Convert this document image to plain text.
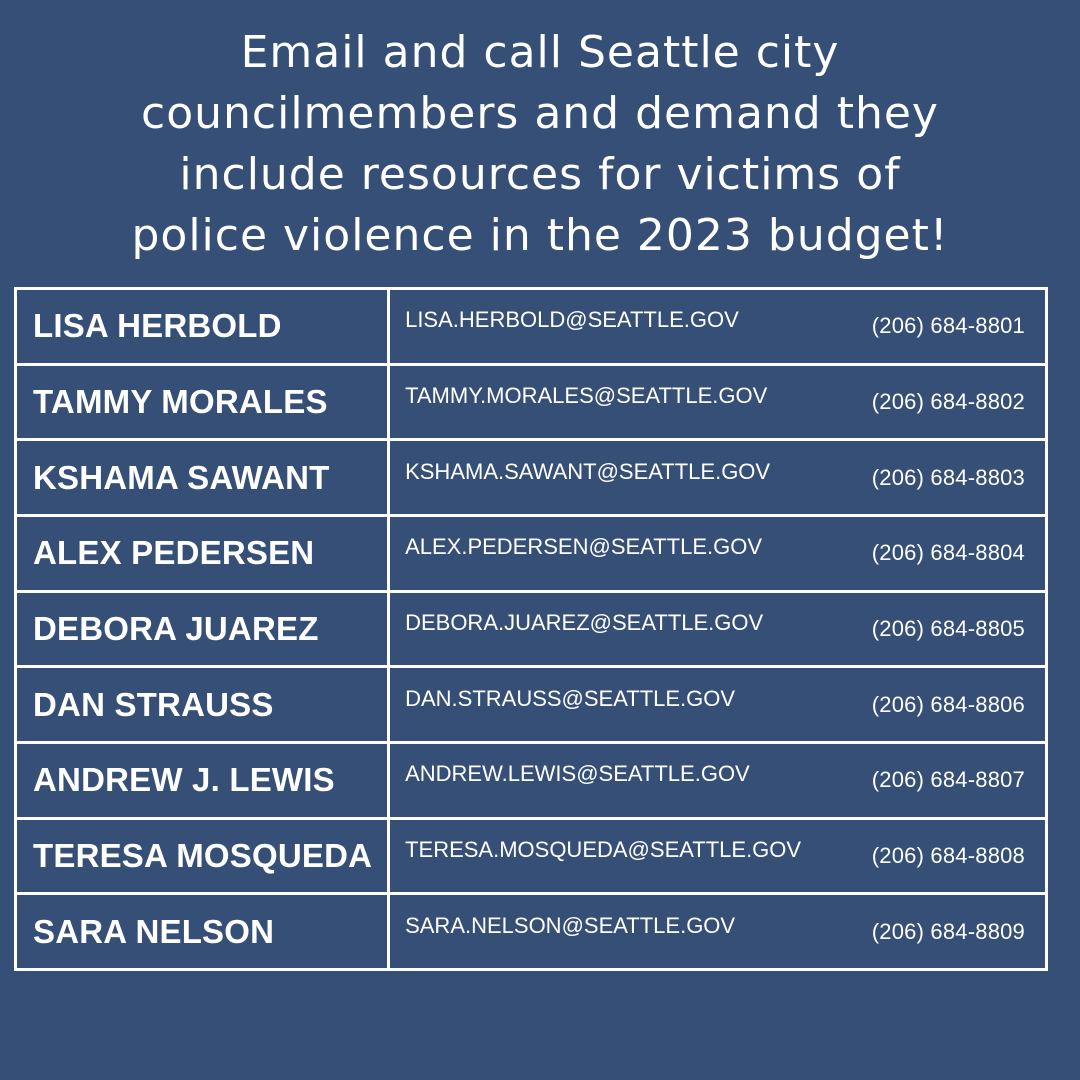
Email and call Seattle city
councilmembers and demand they
include resources for victims of
police violence in the 2023 budget!
LISA HERBOLD	LISA.HERBOLD@SEATTLE.GOV (206) 684-8801

TAMMY MORALES	TAMMY.MORALES@SEATTLE.GOV (206) 684-8802

KSHAMA SAWANT	KSHAMA.SAWANT@SEATTLE.GOV (206) 684-8803

ALEX PEDERSEN	ALEX.PEDERSEN@SEATTLE.GOV (206) 684-8804

DEBORA JUAREZ	DEBORA.JUAREZ@SEATTLE.GOV (206) 684-8805

DAN STRAUSS	DAN.STRAUSS@SEATTLE.GOV (206) 684-8806

ANDREW J. LEWIS	ANDREW.LEWIS@SEATTLE.GOV (206) 684-8807

TERESA MOSQUEDA	TERESA.MOSQUEDA@SEATTLE.GOV (206) 684-8808

SARA NELSON	SARA.NELSON@SEATTLE.GOV (206) 684-8809
